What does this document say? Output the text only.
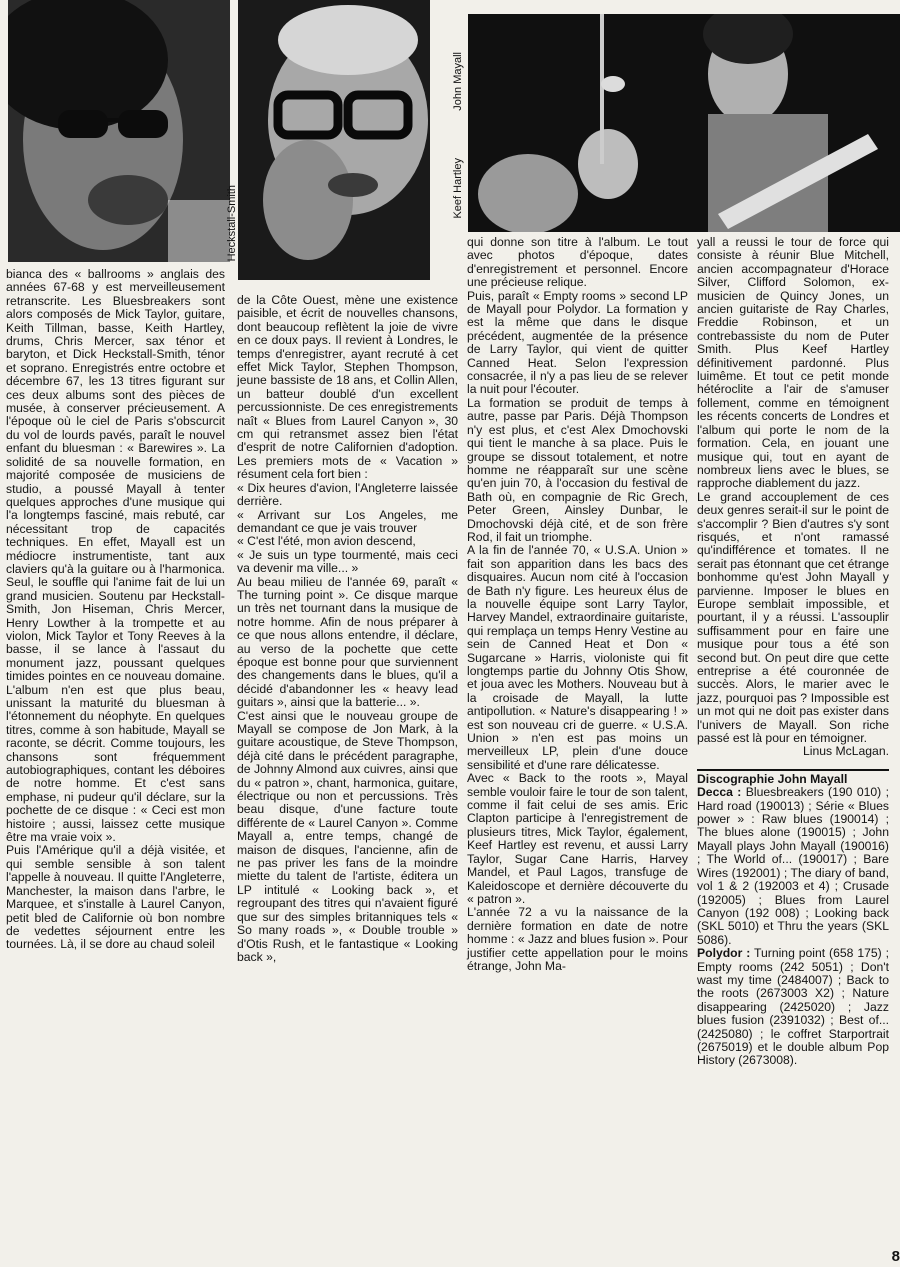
Heckstall-Smith	Keef Hartley
John Mayall

bianca des « ballrooms » anglais des années 67-68 y est merveilleusement retranscrite. Les Bluesbreakers sont alors composés de Mick Taylor, guitare, Keith Tillman, basse, Keith Hartley, drums, Chris Mercer, sax ténor et baryton, et Dick Heckstall-Smith, ténor et soprano. Enregistrés entre octobre et décembre 67, les 13 titres figurant sur ces deux albums sont des pièces de musée, à conserver précieusement. A l'époque où le ciel de Paris s'obscurcit du vol de lourds pavés, paraît le nouvel enfant du bluesman : « Barewires ». La solidité de sa nouvelle formation, en majorité composée de musiciens de studio, a poussé Mayall à tenter quelques approches d'une musique qui l'a longtemps fasciné, mais rebuté, car nécessitant trop de capacités techniques. En effet, Mayall est un médiocre instrumentiste, tant aux claviers qu'à la guitare ou à l'harmonica. Seul, le souffle qui l'anime fait de lui un grand musicien. Soutenu par Heckstall-Smith, Jon Hiseman, Chris Mercer, Henry Lowther à la trompette et au violon, Mick Taylor et Tony Reeves à la basse, il se lance à l'assaut du monument jazz, poussant quelques timides pointes en ce nouveau domaine. L'album n'en est que plus beau, unissant la maturité du bluesman à l'étonnement du néophyte. En quelques titres, comme à son habitude, Mayall se raconte, se décrit. Comme toujours, les chansons sont fréquemment autobiographiques, contant les déboires de notre homme. Et c'est sans emphase, ni pudeur qu'il déclare, sur la pochette de ce disque : « Ceci est mon histoire ; aussi, laissez cette musique être ma vraie voix ».

Puis l'Amérique qu'il a déjà visitée, et qui semble sensible à son talent l'appelle à nouveau. Il quitte l'Angleterre, Manchester, la maison dans l'arbre, le Marquee, et s'installe à Laurel Canyon, petit bled de Californie où bon nombre de vedettes séjournent entre les tournées. Là, il se dore au chaud soleil

de la Côte Ouest, mène une existence paisible, et écrit de nouvelles chansons, dont beaucoup reflètent la joie de vivre en ce doux pays. Il revient à Londres, le temps d'enregistrer, ayant recruté à cet effet Mick Taylor, Stephen Thompson, jeune bassiste de 18 ans, et Collin Allen, un batteur doublé d'un excellent percussionniste. De ces enregistrements naît « Blues from Laurel Canyon », 30 cm qui retransmet assez bien l'état d'esprit de notre Californien d'adoption. Les premiers mots de « Vacation » résument cela fort bien :

« Dix heures d'avion, l'Angleterre laissée derrière.

« Arrivant sur Los Angeles, me demandant ce que je vais trouver

« C'est l'été, mon avion descend,

« Je suis un type tourmenté, mais ceci va devenir ma ville... »

Au beau milieu de l'année 69, paraît « The turning point ». Ce disque marque un très net tournant dans la musique de notre homme. Afin de nous préparer à ce que nous allons entendre, il déclare, au verso de la pochette que cette époque est bonne pour que surviennent des changements dans le blues, qu'il a décidé d'abandonner les « heavy lead guitars », ainsi que la batterie... ».

C'est ainsi que le nouveau groupe de Mayall se compose de Jon Mark, à la guitare acoustique, de Steve Thompson, déjà cité dans le précédent paragraphe, de Johnny Almond aux cuivres, ainsi que du « patron », chant, harmonica, guitare, électrique ou non et percussions. Très beau disque, d'une facture toute différente de « Laurel Canyon ». Comme Mayall a, entre temps, changé de maison de disques, l'ancienne, afin de ne pas priver les fans de la moindre miette du talent de l'artiste, éditera un LP intitulé « Looking back », et regroupant des titres qui n'avaient figuré que sur des simples britanniques tels « So many roads », « Double trouble » d'Otis Rush, et le fantastique « Looking back »,

qui donne son titre à l'album. Le tout avec photos d'époque, dates d'enregistrement et personnel. Encore une précieuse relique.

Puis, paraît « Empty rooms » second LP de Mayall pour Polydor. La formation y est la même que dans le disque précédent, augmentée de la présence de Larry Taylor, qui vient de quitter Canned Heat. Selon l'expression consacrée, il n'y a pas lieu de se relever la nuit pour l'écouter.

La formation se produit de temps à autre, passe par Paris. Déjà Thompson n'y est plus, et c'est Alex Dmochovski qui tient le manche à sa place. Puis le groupe se dissout totalement, et notre homme ne réapparaît sur une scène qu'en juin 70, à l'occasion du festival de Bath où, en compagnie de Ric Grech, Peter Green, Ainsley Dunbar, le Dmochovski déjà cité, et de son frère Rod, il fait un triomphe.

A la fin de l'année 70, « U.S.A. Union » fait son apparition dans les bacs des disquaires. Aucun nom cité à l'occasion de Bath n'y figure. Les heureux élus de la nouvelle équipe sont Larry Taylor, Harvey Mandel, extraordinaire guitariste, qui remplaça un temps Henry Vestine au sein de Canned Heat et Don « Sugarcane » Harris, violoniste qui fit longtemps partie du Johnny Otis Show, et joua avec les Mothers. Nouveau but à la croisade de Mayall, la lutte antipollution. « Nature's disappearing ! » est son nouveau cri de guerre. « U.S.A. Union » n'en est pas moins un merveilleux LP, plein d'une douce sensibilité et d'une rare délicatesse.

Avec « Back to the roots », Mayal semble vouloir faire le tour de son talent, comme il fait celui de ses amis. Eric Clapton participe à l'enregistrement de plusieurs titres, Mick Taylor, également, Keef Hartley est revenu, et aussi Larry Taylor, Sugar Cane Harris, Harvey Mandel, et Paul Lagos, transfuge de Kaleidoscope et dernière découverte du « patron ».

L'année 72 a vu la naissance de la dernière formation en date de notre homme : « Jazz and blues fusion ». Pour justifier cette appellation pour le moins étrange, John Ma-

yall a reussi le tour de force qui consiste à réunir Blue Mitchell, ancien accompagnateur d'Horace Silver, Clifford Solomon, ex-musicien de Quincy Jones, un ancien guitariste de Ray Charles, Freddie Robinson, et un contrebassiste du nom de Puter Smith. Plus Keef Hartley définitivement pardonné. Plus luimême. Et tout ce petit monde hétéroclite a l'air de s'amuser follement, comme en témoignent les récents concerts de Londres et l'album qui porte le nom de la formation. Cela, en jouant une musique qui, tout en ayant de nombreux liens avec le blues, se rapproche diablement du jazz.

Le grand accouplement de ces deux genres serait-il sur le point de s'accomplir ? Bien d'autres s'y sont risqués, et n'ont ramassé qu'indifférence et tomates. Il ne serait pas étonnant que cet étrange bonhomme qu'est John Mayall y parvienne. Imposer le blues en Europe semblait impossible, et pourtant, il y a réussi. L'assouplir suffisamment pour en faire une musique pour tous a été son second but. On peut dire que cette entreprise a été couronnée de succès. Alors, le marier avec le jazz, pourquoi pas ? Impossible est un mot qui ne doit pas exister dans l'univers de Mayall. Son riche passé est là pour en témoigner.

Linus McLagan.

Discographie John Mayall

Decca : Bluesbreakers (190 010) ; Hard road (190013) ; Série « Blues power » : Raw blues (190014) ; The blues alone (190015) ; John Mayall plays John Mayall (190016) ; The World of... (190017) ; Bare Wires (192001) ; The diary of band, vol 1 & 2 (192003 et 4) ; Crusade (192005) ; Blues from Laurel Canyon (192 008) ; Looking back (SKL 5010) et Thru the years (SKL 5086).

Polydor : Turning point (658 175) ; Empty rooms (242 5051) ; Don't wast my time (2484007) ; Back to the roots (2673003 X2) ; Nature disappearing (2425020) ; Jazz blues fusion (2391032) ; Best of... (2425080) ; le coffret Starportrait (2675019) et le double album Pop History (2673008).

8
